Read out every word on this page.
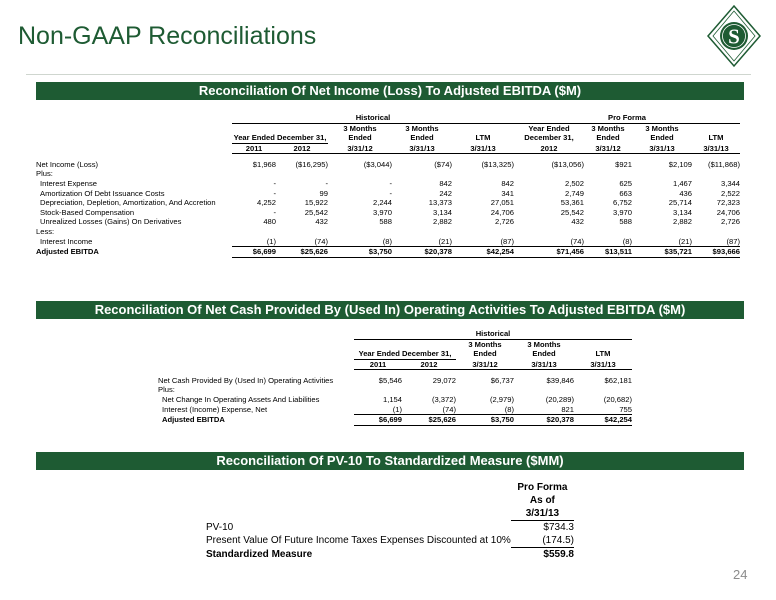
Non-GAAP Reconciliations	S
Reconciliation Of Net Income (Loss) To Adjusted EBITDA ($M)
	Historical					Pro Forma			
			3 Months	3 Months		Year Ended	3 Months	3 Months	
	Year Ended December 31,		Ended	Ended	LTM	December 31,	Ended	Ended	LTM
	2011	2012	3/31/12	3/31/13	3/31/13	2012	3/31/12	3/31/13	3/31/13

Net Income (Loss)	$1,968	($16,295)	($3,044)	($74)	($13,325)	($13,056)	$921	$2,109	($11,868)
Plus:									
Interest Expense	-	-	-	842	842	2,502	625	1,467	3,344
Amortization Of Debt Issuance Costs	-	99	-	242	341	2,749	663	436	2,522
Depreciation, Depletion, Amortization, And Accretion	4,252	15,922	2,244	13,373	27,051	53,361	6,752	25,714	72,323
Stock-Based Compensation	-	25,542	3,970	3,134	24,706	25,542	3,970	3,134	24,706
Unrealized Losses (Gains) On Derivatives	480	432	588	2,882	2,726	432	588	2,882	2,726
Less:									
Interest Income	(1)	(74)	(8)	(21)	(87)	(74)	(8)	(21)	(87)
Adjusted EBITDA	$6,699	$25,626	$3,750	$20,378	$42,254	$71,456	$13,511	$35,721	$93,666
Reconciliation Of Net Cash Provided By (Used In) Operating Activities To Adjusted EBITDA ($M)
	Historical				
			3 Months	3 Months	
	Year Ended December 31,		Ended	Ended	LTM
	2011	2012	3/31/12	3/31/13	3/31/13

Net Cash Provided By (Used In) Operating Activities	$5,546	29,072	$6,737	$39,846	$62,181
Plus:					
Net Change In Operating Assets And Liabilities	1,154	(3,372)	(2,979)	(20,289)	(20,682)
Interest (Income) Expense, Net	(1)	(74)	(8)	821	755
Adjusted EBITDA	$6,699	$25,626	$3,750	$20,378	$42,254
Reconciliation Of PV-10 To Standardized Measure ($MM)
	Pro Forma
	As of
	3/31/13
PV-10	$734.3
Present Value Of Future Income Taxes Expenses Discounted at 10%	(174.5)
Standardized Measure	$559.8
24
